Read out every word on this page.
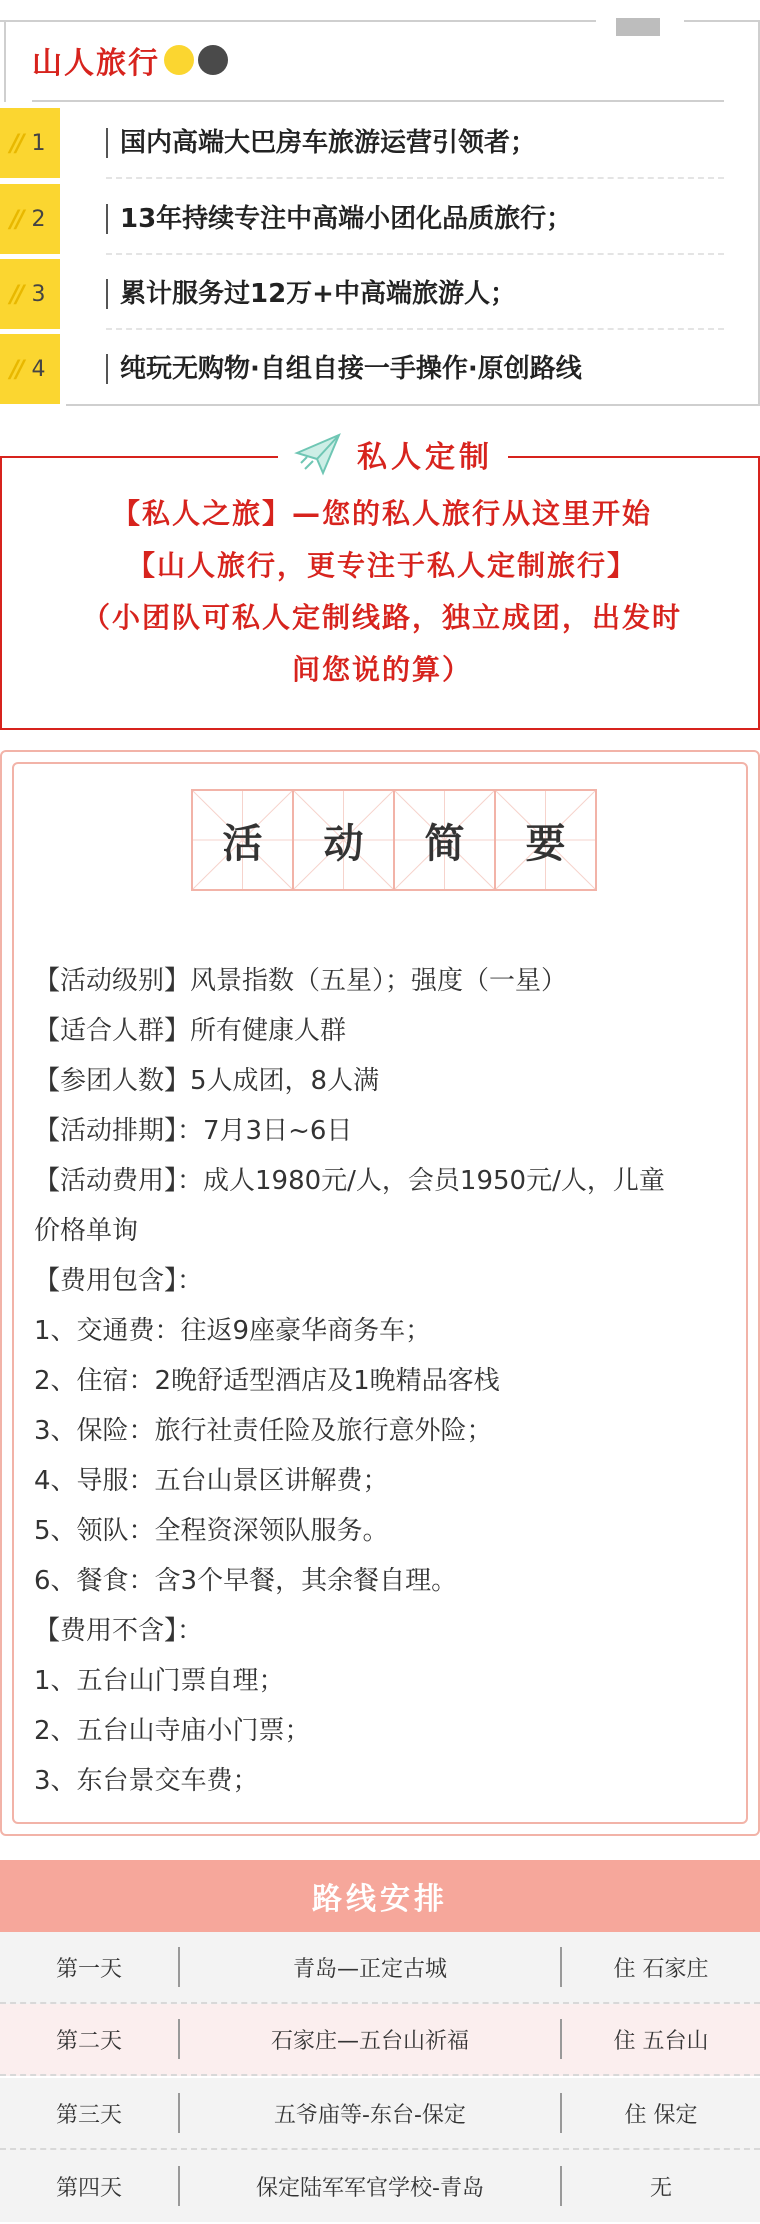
山人旅行
// 1	国内高端大巴房车旅游运营引领者；
// 2	13年持续专注中高端小团化品质旅行；
// 3	累计服务过12万+中高端旅游人；
// 4	纯玩无购物·自组自接一手操作·原创路线
私人定制
【私人之旅】—您的私人旅行从这里开始
【山人旅行，更专注于私人定制旅行】
（小团队可私人定制线路，独立成团，出发时
间您说的算）
活 动 简 要
【活动级别】风景指数（五星）；强度（一星）
【适合人群】所有健康人群
【参团人数】5人成团，8人满
【活动排期】：7月3日~6日
【活动费用】：成人1980元/人，会员1950元/人，儿童
价格单询
【费用包含】：
1、交通费：往返9座豪华商务车；
2、住宿：2晚舒适型酒店及1晚精品客栈
3、保险：旅行社责任险及旅行意外险；
4、导服：五台山景区讲解费；
5、领队：全程资深领队服务。
6、餐食：含3个早餐，其余餐自理。
【费用不含】：
1、五台山门票自理；
2、五台山寺庙小门票；
3、东台景交车费；
路线安排
第一天	青岛—正定古城	住 石家庄
第二天	石家庄—五台山祈福	住 五台山
第三天	五爷庙等-东台-保定	住 保定
第四天	保定陆军军官学校-青岛	无
